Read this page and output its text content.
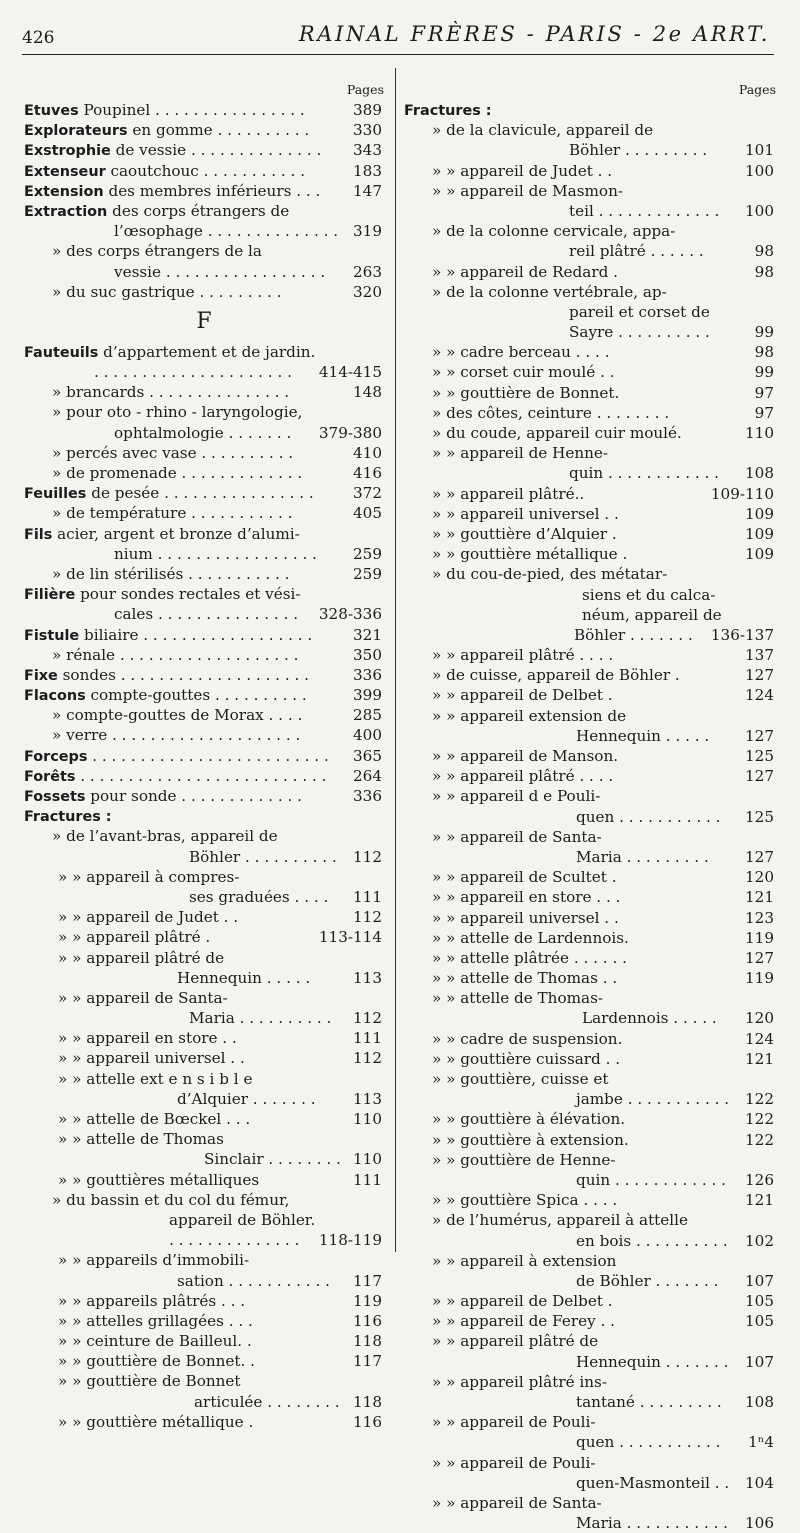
426	RAINAL FRÈRES - PARIS - 2e ARRT.
Pages
Etuves Poupinel . . . . . . . . . . . . . . . .	389
Explorateurs en gomme . . . . . . . . . .	330
Exstrophie de vessie . . . . . . . . . . . . . . 343
Extenseur caoutchouc . . . . . . . . . . .	183
Extension des membres inférieurs . . . 147
Extraction des corps étrangers de
l’œsophage . . . . . . . . . . . . . . 319
» des corps étrangers de la
vessie . . . . . . . . . . . . . . . . . 263
» du suc gastrique . . . . . . . . .	320
F
Fauteuils d’appartement et de jardin.
. . . . . . . . . . . . . . . . . . . . . 414-415
» brancards . . . . . . . . . . . . . . .	148
» pour oto - rhino - laryngologie,
ophtalmologie . . . . . . . 379-380
» percés avec vase . . . . . . . . . .	410
» de promenade . . . . . . . . . . . . .	416
Feuilles de pesée . . . . . . . . . . . . . . . .	372
» de température . . . . . . . . . . .	405
Fils acier, argent et bronze d’alumi-
nium . . . . . . . . . . . . . . . . . 259
» de lin stérilisés . . . . . . . . . . .	259
Filière pour sondes rectales et vési-
cales . . . . . . . . . . . . . . . 328-336
Fistule biliaire . . . . . . . . . . . . . . . . . .	321
» rénale . . . . . . . . . . . . . . . . . . .	350
Fixe sondes . . . . . . . . . . . . . . . . . . . .	336
Flacons compte-gouttes . . . . . . . . . .	399
» compte-gouttes de Morax . . . .	285
» verre . . . . . . . . . . . . . . . . . . . .	400
Forceps . . . . . . . . . . . . . . . . . . . . . . . . . 365
Forêts . . . . . . . . . . . . . . . . . . . . . . . . . . 264
Fossets pour sonde . . . . . . . . . . . . .	336
Fractures :
» de l’avant-bras, appareil de
Böhler . . . . . . . . . . 112
» » appareil à compres-
ses graduées . . . . 111
» » appareil de Judet . .	112
» » appareil plâtré .	113-114
» » appareil plâtré de
Hennequin . . . . .	113
» » appareil de Santa-
Maria . . . . . . . . . . 112
» » appareil en store . .	111
» » appareil universel . .	112
» » attelle ext e n s i b l e
d’Alquier . . . . . . . 113
» » attelle de Bœckel . . .	110
» » attelle de Thomas
Sinclair . . . . . . . . 110
» » gouttières métalliques	111
» du bassin et du col du fémur,
appareil de Böhler.
. . . . . . . . . . . . . . 118-119
» » appareils d’immobili-
sation . . . . . . . . . . . 117
» » appareils plâtrés . . .	119
» » attelles grillagées . . .	116
» » ceinture de Bailleul. .	118
» » gouttière de Bonnet. .	117
» » gouttière de Bonnet
articulée . . . . . . . . 118
» » gouttière métallique .	116
Pages
Fractures :
» de la clavicule, appareil de
Böhler . . . . . . . . . 101
» » appareil de Judet . .	100
» » appareil de Masmon-
teil . . . . . . . . . . . . . 100
» de la colonne cervicale, appa-
reil plâtré . . . . . .	98
» » appareil de Redard .	98
» de la colonne vertébrale, ap-
pareil et corset de
Sayre . . . . . . . . . .	99
» » cadre berceau . . . .	98
» » corset cuir moulé . .	99
» » gouttière de Bonnet.	97
» des côtes, ceinture . . . . . . . .	97
» du coude, appareil cuir moulé.	110
» » appareil de Henne-
quin . . . . . . . . . . . . 108
» » appareil plâtré..	109-110
» » appareil universel . .	109
» » gouttière d’Alquier .	109
» » gouttière métallique .	109
» du cou-de-pied, des métatar-
siens et du calca-
néum, appareil de
Böhler . . . . . . . 136-137
» » appareil plâtré . . . .	137
» de cuisse, appareil de Böhler .	127
» » appareil de Delbet .	124
» » appareil extension de
Hennequin . . . . . 127
» » appareil de Manson.	125
» » appareil plâtré . . . .	127
» » appareil d e Pouli-
quen . . . . . . . . . . . 125
» » appareil de Santa-
Maria . . . . . . . . . 127
» » appareil de Scultet .	120
» » appareil en store . . .	121
» » appareil universel . .	123
» » attelle de Lardennois.	119
» » attelle plâtrée . . . . . .	127
» » attelle de Thomas . .	119
» » attelle de Thomas-
Lardennois . . . . . 120
» » cadre de suspension.	124
» » gouttière cuissard . .	121
» » gouttière, cuisse et
jambe . . . . . . . . . . . 122
» » gouttière à élévation.	122
» » gouttière à extension.	122
» » gouttière de Henne-
quin . . . . . . . . . . . . 126
» » gouttière Spica . . . .	121
» de l’humérus, appareil à attelle
en bois . . . . . . . . . . 102
» » appareil à extension
de Böhler . . . . . . . 107
» » appareil de Delbet .	105
» » appareil de Ferey . .	105
» » appareil plâtré de
Hennequin . . . . . . . 107
» » appareil plâtré ins-
tantané . . . . . . . . . 108
» » appareil de Pouli-
quen . . . . . . . . . . . 1ⁿ4
» » appareil de Pouli-
quen-Masmonteil . . 104
» » appareil de Santa-
Maria . . . . . . . . . . . 106
